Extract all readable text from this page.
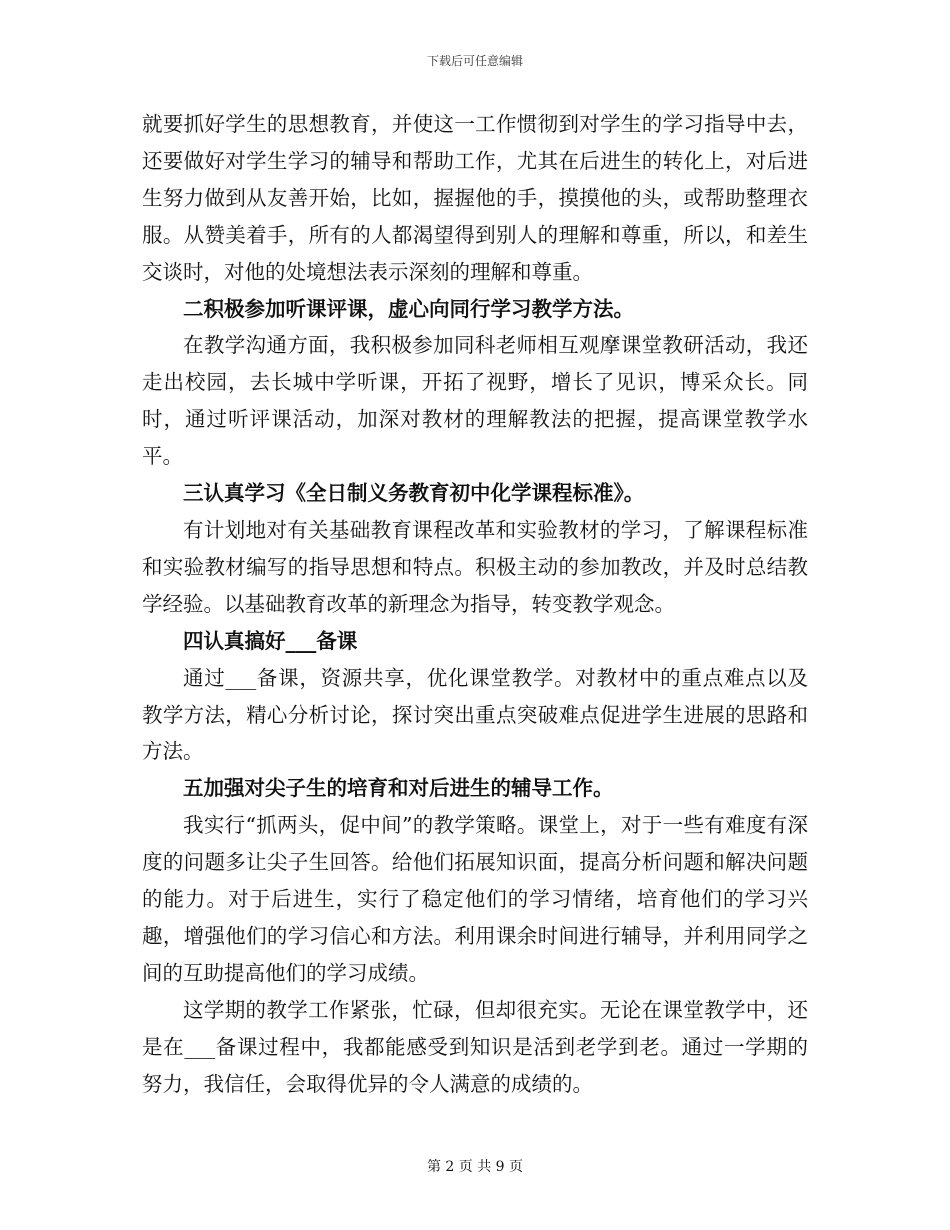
下载后可任意编辑

就要抓好学生的思想教育，并使这一工作惯彻到对学生的学习指导中去，还要做好对学生学习的辅导和帮助工作，尤其在后进生的转化上，对后进生努力做到从友善开始，比如，握握他的手，摸摸他的头，或帮助整理衣服。从赞美着手，所有的人都渴望得到别人的理解和尊重，所以，和差生交谈时，对他的处境想法表示深刻的理解和尊重。

二积极参加听课评课，虚心向同行学习教学方法。

在教学沟通方面，我积极参加同科老师相互观摩课堂教研活动，我还走出校园，去长城中学听课，开拓了视野，增长了见识，博采众长。同时，通过听评课活动，加深对教材的理解教法的把握，提高课堂教学水平。

三认真学习《全日制义务教育初中化学课程标准》。

有计划地对有关基础教育课程改革和实验教材的学习，了解课程标准和实验教材编写的指导思想和特点。积极主动的参加教改，并及时总结教学经验。以基础教育改革的新理念为指导，转变教学观念。

四认真搞好___备课

通过___备课，资源共享，优化课堂教学。对教材中的重点难点以及教学方法，精心分析讨论，探讨突出重点突破难点促进学生进展的思路和方法。

五加强对尖子生的培育和对后进生的辅导工作。

我实行“抓两头，促中间”的教学策略。课堂上，对于一些有难度有深度的问题多让尖子生回答。给他们拓展知识面，提高分析问题和解决问题的能力。对于后进生，实行了稳定他们的学习情绪，培育他们的学习兴趣，增强他们的学习信心和方法。利用课余时间进行辅导，并利用同学之间的互助提高他们的学习成绩。

这学期的教学工作紧张，忙碌，但却很充实。无论在课堂教学中，还是在___备课过程中，我都能感受到知识是活到老学到老。通过一学期的努力，我信任，会取得优异的令人满意的成绩的。

第 2 页 共 9 页
